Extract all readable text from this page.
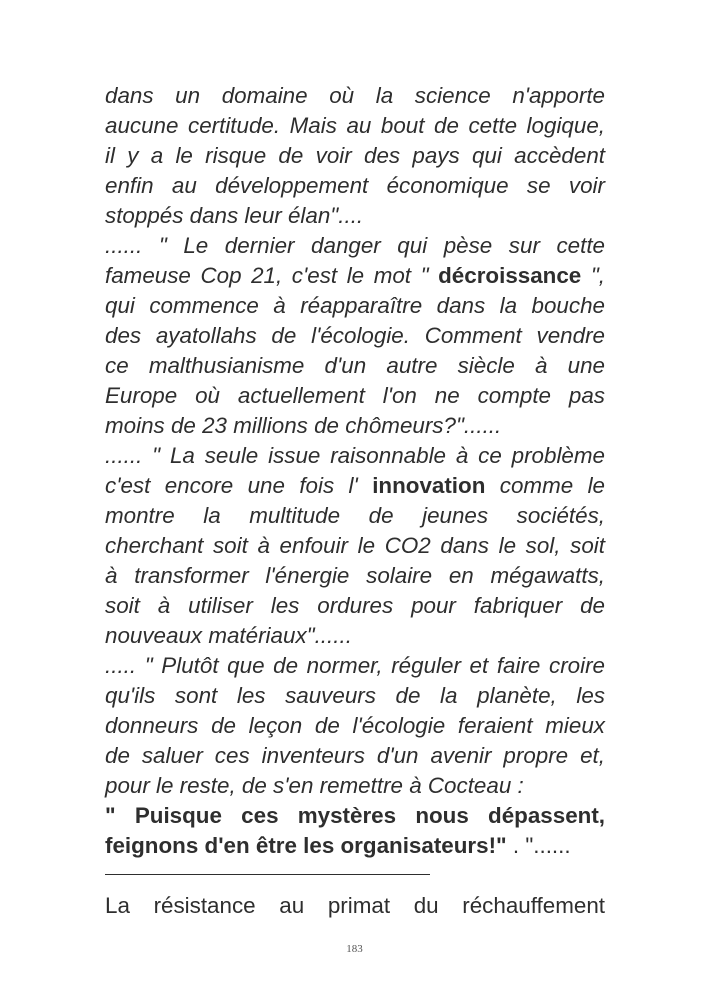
dans un domaine où la science n'apporte
aucune certitude. Mais au bout de cette logique,
il y a le risque de voir des pays qui accèdent
enfin au développement économique se voir
stoppés dans leur élan"....
...... " Le dernier danger qui pèse sur cette
fameuse Cop 21, c'est le mot " décroissance ",
qui commence à réapparaître dans la bouche
des ayatollahs de l'écologie. Comment vendre
ce malthusianisme d'un autre siècle à une
Europe où actuellement l'on ne compte pas
moins de 23 millions de chômeurs?"......
...... " La seule issue raisonnable à ce problème
c'est encore une fois l' innovation comme le
montre la multitude de jeunes sociétés,
cherchant soit à enfouir le CO2 dans le sol, soit
à transformer l'énergie solaire en mégawatts,
soit à utiliser les ordures pour fabriquer de
nouveaux matériaux"......
..... " Plutôt que de normer, réguler et faire croire
qu'ils sont les sauveurs de la planète, les
donneurs de leçon de l'écologie feraient mieux
de saluer ces inventeurs d'un avenir propre et,
pour le reste, de s'en remettre à Cocteau :
" Puisque ces mystères nous dépassent,
feignons d'en être les organisateurs!" . "......
La résistance au primat du réchauffement
183
